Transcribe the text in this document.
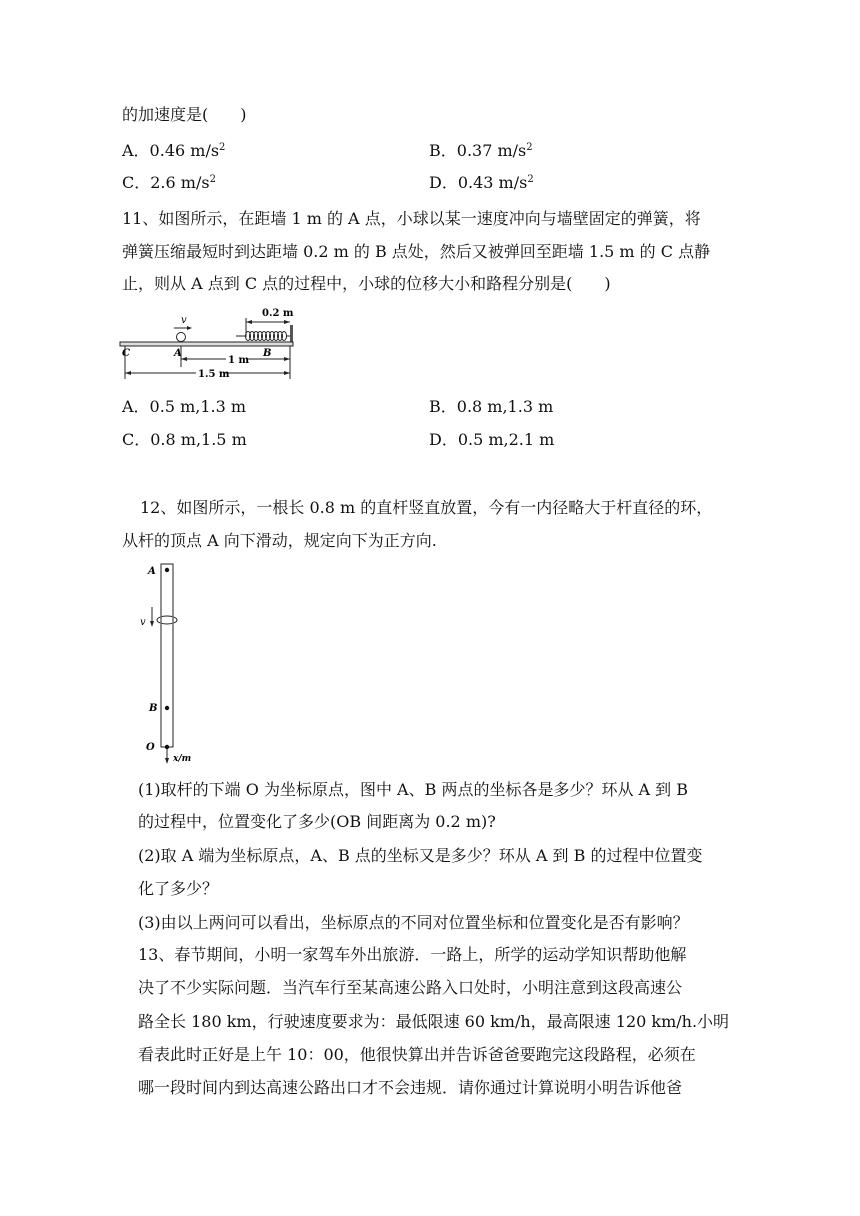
的加速度是(　　)
A．0.46 $m/s^2$	B．0.37 $m/s^2$
C．2.6 $m/s^2$	D．0.43 $m/s^2$
11、如图所示，在距墙 1 m 的 A 点，小球以某一速度冲向与墙壁固定的弹簧，将
弹簧压缩最短时到达距墙 0.2 m 的 B 点处，然后又被弹回至距墙 1.5 m 的 C 点静
止，则从 A 点到 C 点的过程中，小球的位移大小和路程分别是(　　)
0.2 m
v
C	A	B
1 m
1.5 m
A．0.5 m,1.3 m	B．0.8 m,1.3 m
C．0.8 m,1.5 m	D．0.5 m,2.1 m
12、如图所示，一根长 0.8 m 的直杆竖直放置，今有一内径略大于杆直径的环，
从杆的顶点 A 向下滑动，规定向下为正方向.
A
v
B
O
x/m
(1)取杆的下端 O 为坐标原点，图中 A、B 两点的坐标各是多少？环从 A 到 B
的过程中，位置变化了多少(OB 间距离为 0.2 m)?
(2)取 A 端为坐标原点，A、B 点的坐标又是多少？环从 A 到 B 的过程中位置变
化了多少？
(3)由以上两问可以看出，坐标原点的不同对位置坐标和位置变化是否有影响？
13、春节期间，小明一家驾车外出旅游．一路上，所学的运动学知识帮助他解
决了不少实际问题．当汽车行至某高速公路入口处时，小明注意到这段高速公
路全长 180 km，行驶速度要求为：最低限速 60 km/h，最高限速 120 km/h.小明
看表此时正好是上午 10：00，他很快算出并告诉爸爸要跑完这段路程，必须在
哪一段时间内到达高速公路出口才不会违规．请你通过计算说明小明告诉他爸
